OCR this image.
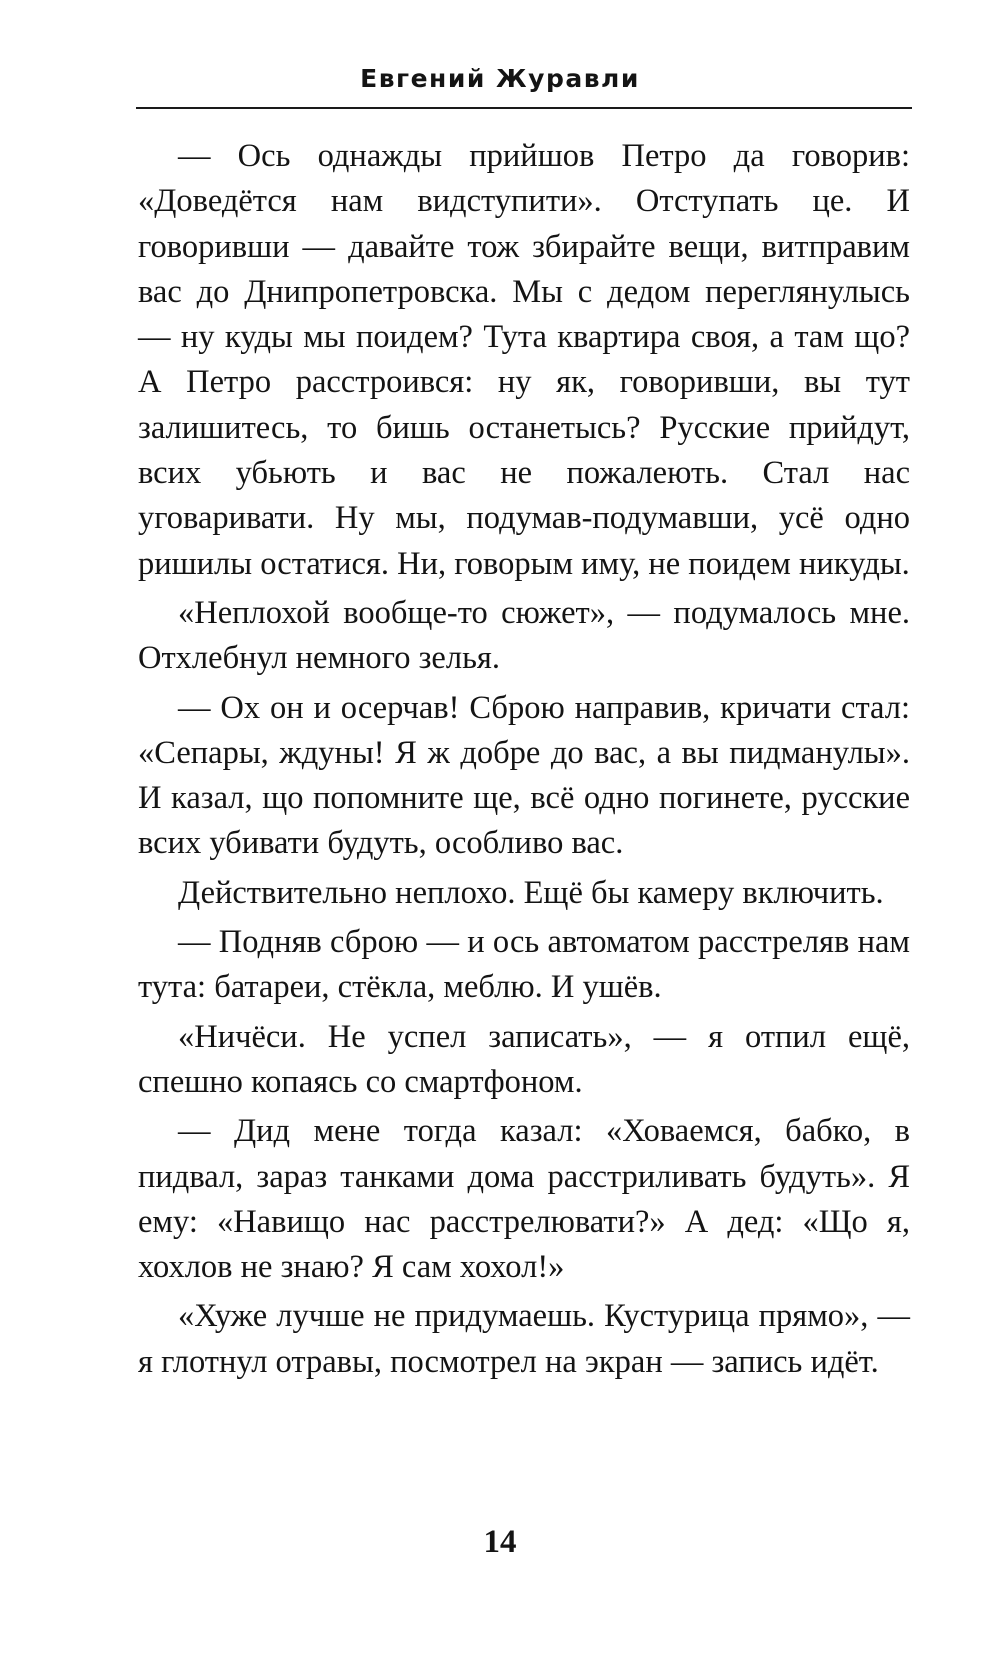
Евгений Журавли

— Ось однажды прийшов Петро да говорив: «Доведётся нам видступити». Отступать це. И говоривши — давайте тож збирайте вещи, витправим вас до Днипропетровска. Мы с дедом переглянулысь — ну куды мы поидем? Тута квартира своя, а там що? А Петро расстроився: ну як, говоривши, вы тут залишитесь, то бишь останетысь? Русские прийдут, всих убьють и вас не пожалеють. Стал нас уговаривати. Ну мы, подумав-подумавши, усё одно ришилы остатися. Ни, говорым иму, не поидем никуды.

«Неплохой вообще-то сюжет», — подумалось мне. Отхлебнул немного зелья.

— Ох он и осерчав! Сброю направив, кричати стал: «Сепары, ждуны! Я ж добре до вас, а вы пидманулы». И казал, що попомните ще, всё одно погинете, русские всих убивати будуть, особливо вас.

Действительно неплохо. Ещё бы камеру включить.

— Подняв сброю — и ось автоматом расстреляв нам тута: батареи, стёкла, меблю. И ушёв.

«Ничёси. Не успел записать», — я отпил ещё, спешно копаясь со смартфоном.

— Дид мене тогда казал: «Ховаемся, бабко, в пидвал, зараз танками дома расстриливать будуть». Я ему: «Навищо нас расстрелювати?» А дед: «Що я, хохлов не знаю? Я сам хохол!»

«Хуже лучше не придумаешь. Кустурица прямо», — я глотнул отравы, посмотрел на экран — запись идёт.

14
